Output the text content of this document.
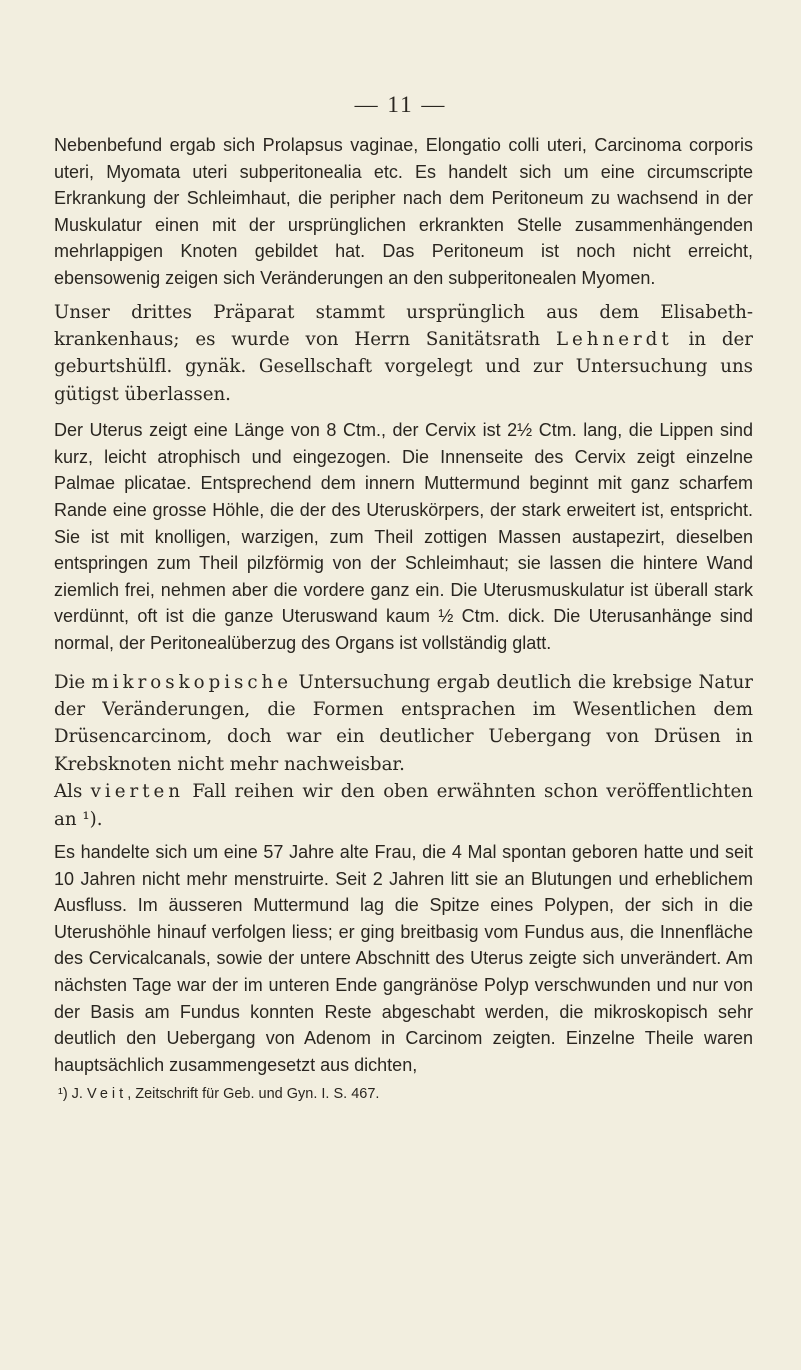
— 11 —

Nebenbefund ergab sich Prolapsus vaginae, Elongatio colli uteri, Carcinoma corporis uteri, Myomata uteri subperitonealia etc. Es handelt sich um eine circumscripte Erkrankung der Schleimhaut, die peripher nach dem Peritoneum zu wachsend in der Muskulatur einen mit der ursprünglichen erkrankten Stelle zusammenhängenden mehrlappigen Knoten gebildet hat. Das Peritoneum ist noch nicht erreicht, ebensowenig zeigen sich Veränderungen an den subperitonealen Myomen.

Unser drittes Präparat stammt ursprünglich aus dem Elisabethkrankenhaus; es wurde von Herrn Sanitätsrath Lehnerdt in der geburtshülfl. gynäk. Gesellschaft vorgelegt und zur Untersuchung uns gütigst überlassen.

Der Uterus zeigt eine Länge von 8 Ctm., der Cervix ist 2½ Ctm. lang, die Lippen sind kurz, leicht atrophisch und eingezogen. Die Innenseite des Cervix zeigt einzelne Palmae plicatae. Entsprechend dem innern Muttermund beginnt mit ganz scharfem Rande eine grosse Höhle, die der des Uteruskörpers, der stark erweitert ist, entspricht. Sie ist mit knolligen, warzigen, zum Theil zottigen Massen austapezirt, dieselben entspringen zum Theil pilzförmig von der Schleimhaut; sie lassen die hintere Wand ziemlich frei, nehmen aber die vordere ganz ein. Die Uterusmuskulatur ist überall stark verdünnt, oft ist die ganze Uteruswand kaum ½ Ctm. dick. Die Uterusanhänge sind normal, der Peritonealüberzug des Organs ist vollständig glatt.

Die mikroskopische Untersuchung ergab deutlich die krebsige Natur der Veränderungen, die Formen entsprachen im Wesentlichen dem Drüsencarcinom, doch war ein deutlicher Uebergang von Drüsen in Krebsknoten nicht mehr nachweisbar.

Als vierten Fall reihen wir den oben erwähnten schon veröffentlichten an ¹).

Es handelte sich um eine 57 Jahre alte Frau, die 4 Mal spontan geboren hatte und seit 10 Jahren nicht mehr menstruirte. Seit 2 Jahren litt sie an Blutungen und erheblichem Ausfluss. Im äusseren Muttermund lag die Spitze eines Polypen, der sich in die Uterushöhle hinauf verfolgen liess; er ging breitbasig vom Fundus aus, die Innenfläche des Cervicalcanals, sowie der untere Abschnitt des Uterus zeigte sich unverändert. Am nächsten Tage war der im unteren Ende gangränöse Polyp verschwunden und nur von der Basis am Fundus konnten Reste abgeschabt werden, die mikroskopisch sehr deutlich den Uebergang von Adenom in Carcinom zeigten. Einzelne Theile waren hauptsächlich zusammengesetzt aus dichten,

¹) J. Veit, Zeitschrift für Geb. und Gyn. I. S. 467.
